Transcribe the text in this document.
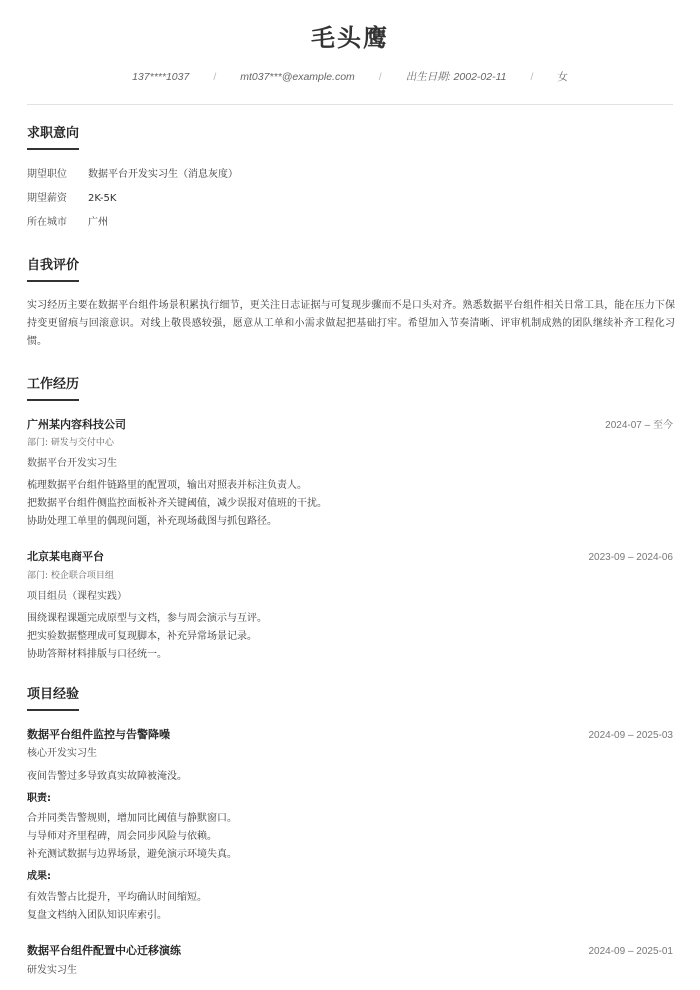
毛头鹰
137****1037 / mt037***@example.com / 出生日期: 2002-02-11 / 女
求职意向
期望职位 数据平台开发实习生（消息灰度）
期望薪资 2K-5K
所在城市 广州
自我评价
实习经历主要在数据平台组件场景积累执行细节，更关注日志证据与可复现步骤而不是口头对齐。熟悉数据平台组件相关日常工具，能在压力下保持变更留痕与回滚意识。对线上敬畏感较强，愿意从工单和小需求做起把基础打牢。希望加入节奏清晰、评审机制成熟的团队继续补齐工程化习惯。
工作经历
广州某内容科技公司	2024-07 – 至今
部门: 研发与交付中心
数据平台开发实习生
梳理数据平台组件链路里的配置项，输出对照表并标注负责人。
把数据平台组件侧监控面板补齐关键阈值，减少误报对值班的干扰。
协助处理工单里的偶现问题，补充现场截图与抓包路径。
北京某电商平台	2023-09 – 2024-06
部门: 校企联合项目组
项目组员（课程实践）
围绕课程课题完成原型与文档，参与周会演示与互评。
把实验数据整理成可复现脚本，补充异常场景记录。
协助答辩材料排版与口径统一。
项目经验
数据平台组件监控与告警降噪	2024-09 – 2025-03
核心开发实习生
夜间告警过多导致真实故障被淹没。
职责:
合并同类告警规则，增加同比阈值与静默窗口。
与导师对齐里程碑，周会同步风险与依赖。
补充测试数据与边界场景，避免演示环境失真。
成果:
有效告警占比提升，平均确认时间缩短。
复盘文档纳入团队知识库索引。
数据平台组件配置中心迁移演练	2024-09 – 2025-01
研发实习生
